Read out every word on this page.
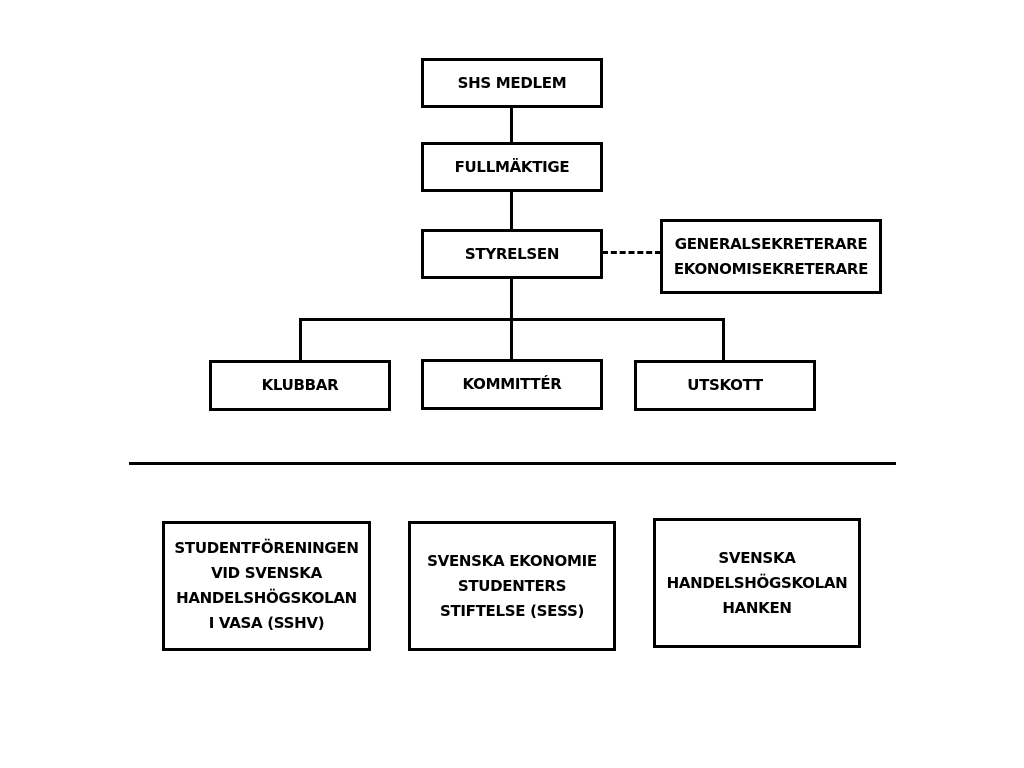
SHS MEDLEM
FULLMÄKTIGE
STYRELSEN
GENERALSEKRETERARE
EKONOMISEKRETERARE
KLUBBAR	KOMMITTÉR	UTSKOTT
STUDENTFÖRENINGEN
VID SVENSKA
HANDELSHÖGSKOLAN
I VASA (SSHV)
SVENSKA EKONOMIE
STUDENTERS
STIFTELSE (SESS)
SVENSKA
HANDELSHÖGSKOLAN
HANKEN
